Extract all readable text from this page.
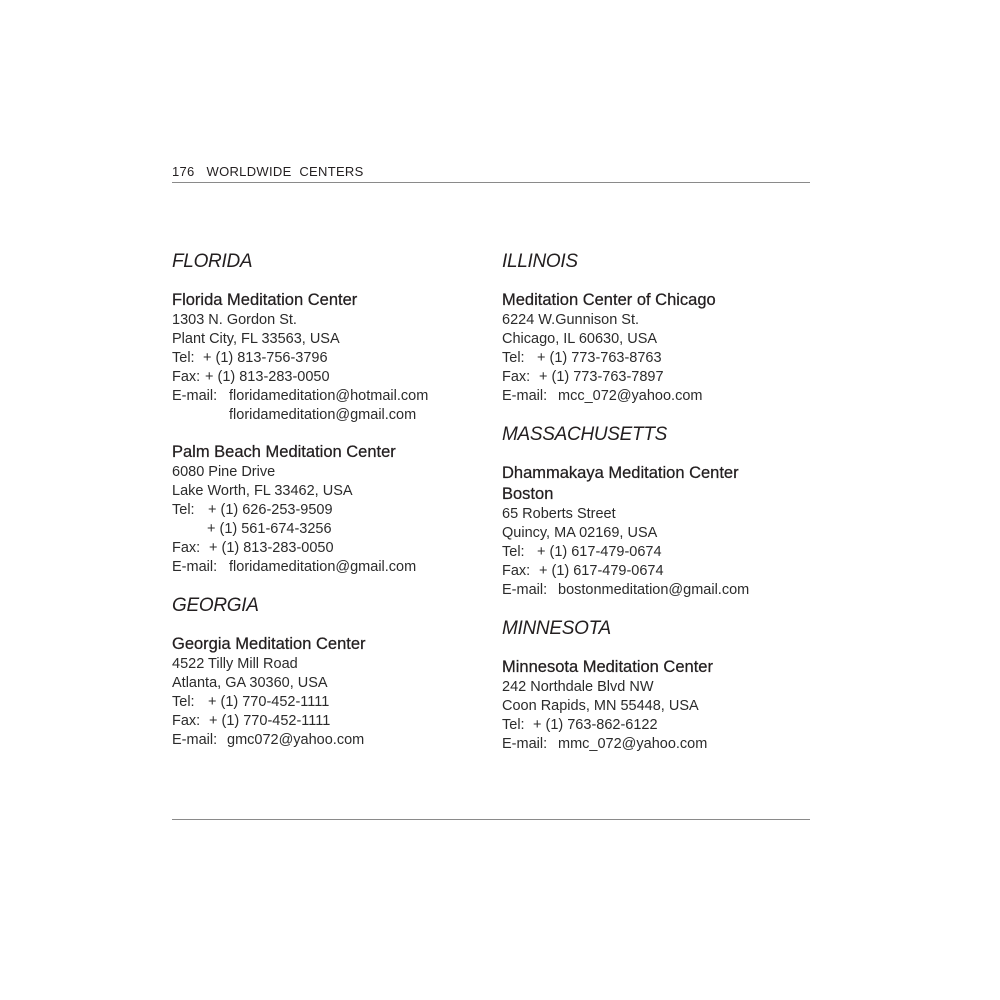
176 WORLDWIDE  CENTERS
FLORIDA
Florida Meditation Center
1303 N. Gordon St.
Plant City, FL 33563, USA
Tel: + (1) 813-756-3796
Fax: + (1) 813-283-0050
E-mail: floridameditation@hotmail.com
floridameditation@gmail.com
Palm Beach Meditation Center
6080 Pine Drive
Lake Worth, FL 33462, USA
Tel: + (1) 626-253-9509
+ (1) 561-674-3256
Fax: + (1) 813-283-0050
E-mail: floridameditation@gmail.com
GEORGIA
Georgia Meditation Center
4522 Tilly Mill Road
Atlanta, GA 30360, USA
Tel: + (1) 770-452-1111
Fax: + (1) 770-452-1111
E-mail: gmc072@yahoo.com
ILLINOIS
Meditation Center of Chicago
6224 W.Gunnison St.
Chicago, IL 60630, USA
Tel: + (1) 773-763-8763
Fax: + (1) 773-763-7897
E-mail: mcc_072@yahoo.com
MASSACHUSETTS
Dhammakaya Meditation Center
Boston
65 Roberts Street
Quincy, MA 02169, USA
Tel: + (1) 617-479-0674
Fax: + (1) 617-479-0674
E-mail: bostonmeditation@gmail.com
MINNESOTA
Minnesota Meditation Center
242 Northdale Blvd NW
Coon Rapids, MN 55448, USA
Tel: + (1) 763-862-6122
E-mail: mmc_072@yahoo.com
